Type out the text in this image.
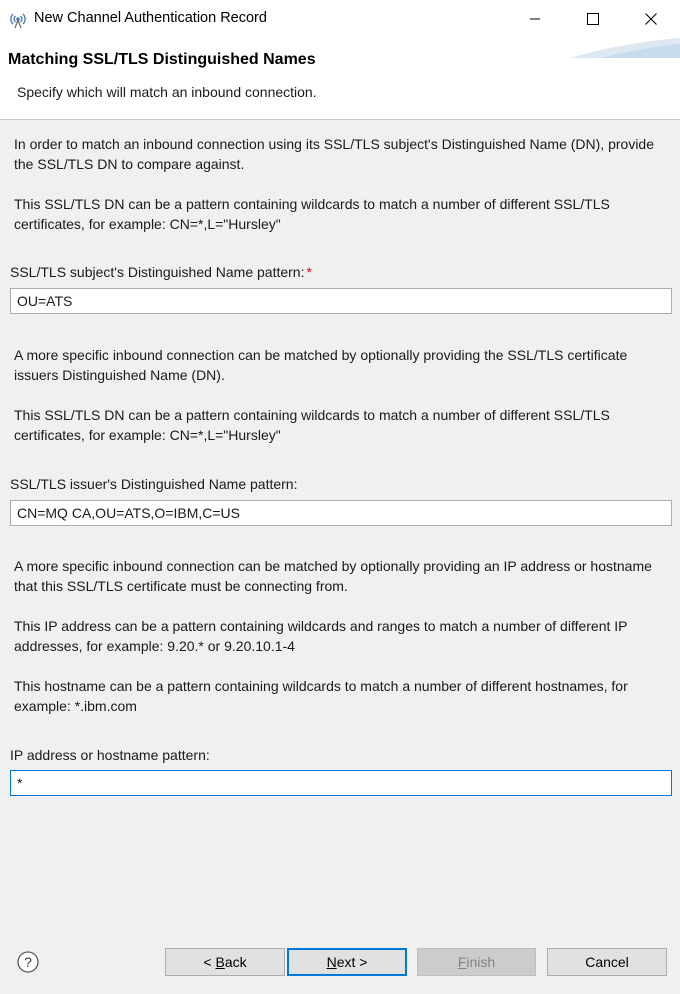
New Channel Authentication Record
Matching SSL/TLS Distinguished Names
Specify which will match an inbound connection.
In order to match an inbound connection using its SSL/TLS subject's Distinguished Name (DN), provide the SSL/TLS DN to compare against.
This SSL/TLS DN can be a pattern containing wildcards to match a number of different SSL/TLS certificates, for example: CN=*,L="Hursley"
SSL/TLS subject's Distinguished Name pattern: *
OU=ATS
A more specific inbound connection can be matched by optionally providing the SSL/TLS certificate issuers Distinguished Name (DN).
This SSL/TLS DN can be a pattern containing wildcards to match a number of different SSL/TLS certificates, for example: CN=*,L="Hursley"
SSL/TLS issuer's Distinguished Name pattern:
CN=MQ CA,OU=ATS,O=IBM,C=US
A more specific inbound connection can be matched by optionally providing an IP address or hostname that this SSL/TLS certificate must be connecting from.
This IP address can be a pattern containing wildcards and ranges to match a number of different IP addresses, for example: 9.20.* or 9.20.10.1-4
This hostname can be a pattern containing wildcards to match a number of different hostnames, for example: *.ibm.com
IP address or hostname pattern:
*
?	< B ack	N ext >	F inish	Cancel
